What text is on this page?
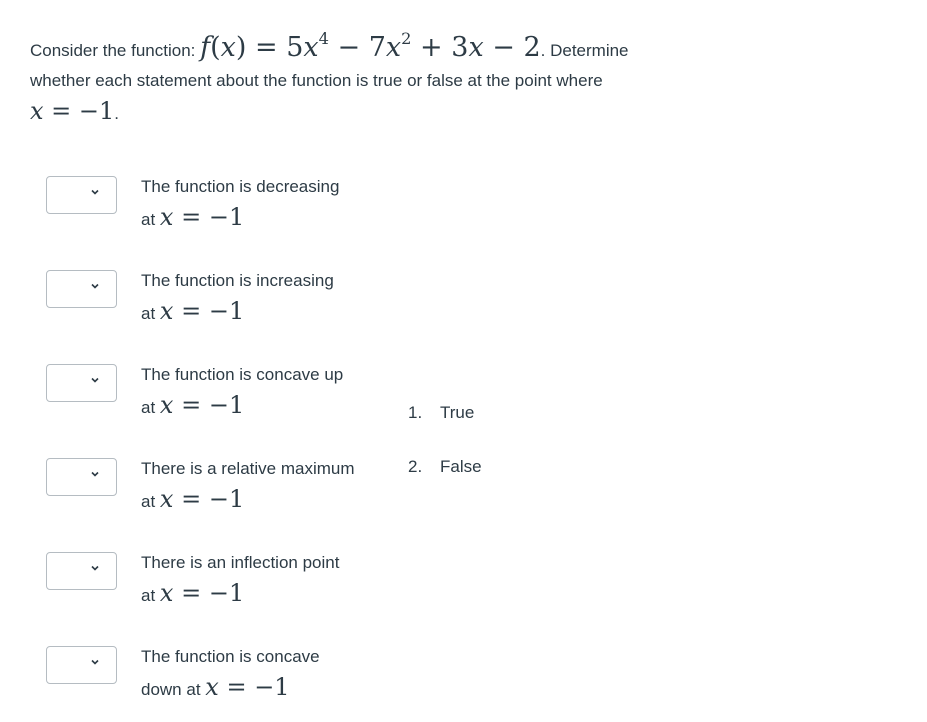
Consider the function: $f(x) = 5x^4 - 7x^2 + 3x - 2$. Determine
whether each statement about the function is true or false at the point where
x = −1.
The function is decreasing
at x = −1
The function is increasing
at x = −1
The function is concave up
at x = −1
There is a relative maximum
at x = −1
There is an inflection point
at x = −1
The function is concave
down at x = −1
1. True
2. False
